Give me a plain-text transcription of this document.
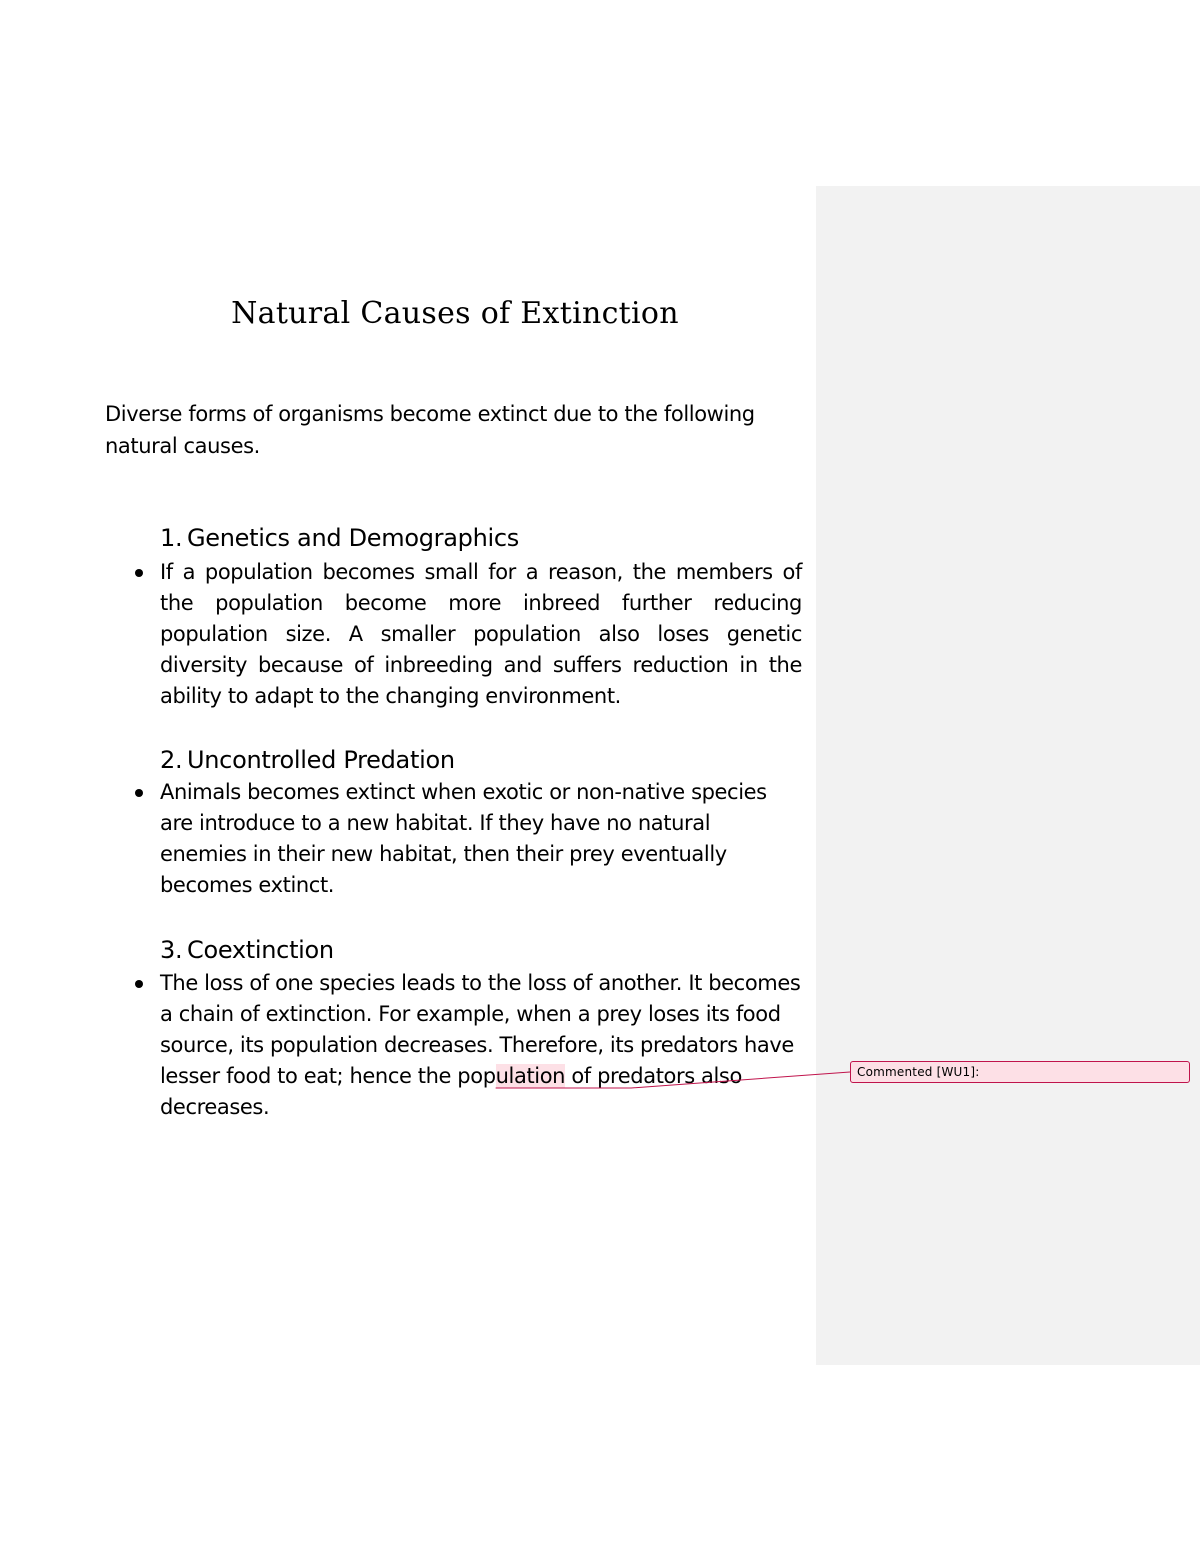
Natural Causes of Extinction
Diverse forms of organisms become extinct due to the following natural causes.
1. Genetics and Demographics
If a population becomes small for a reason, the members of the population become more inbreed further reducing population size. A smaller population also loses genetic diversity because of inbreeding and suffers reduction in the ability to adapt to the changing environment.
2. Uncontrolled Predation
Animals becomes extinct when exotic or non-native species are introduce to a new habitat. If they have no natural enemies in their new habitat, then their prey eventually becomes extinct.
3. Coextinction
The loss of one species leads to the loss of another. It becomes a chain of extinction. For example, when a prey loses its food source, its population decreases. Therefore, its predators have lesser food to eat; hence the population of predators also decreases.
Commented [WU1]:
